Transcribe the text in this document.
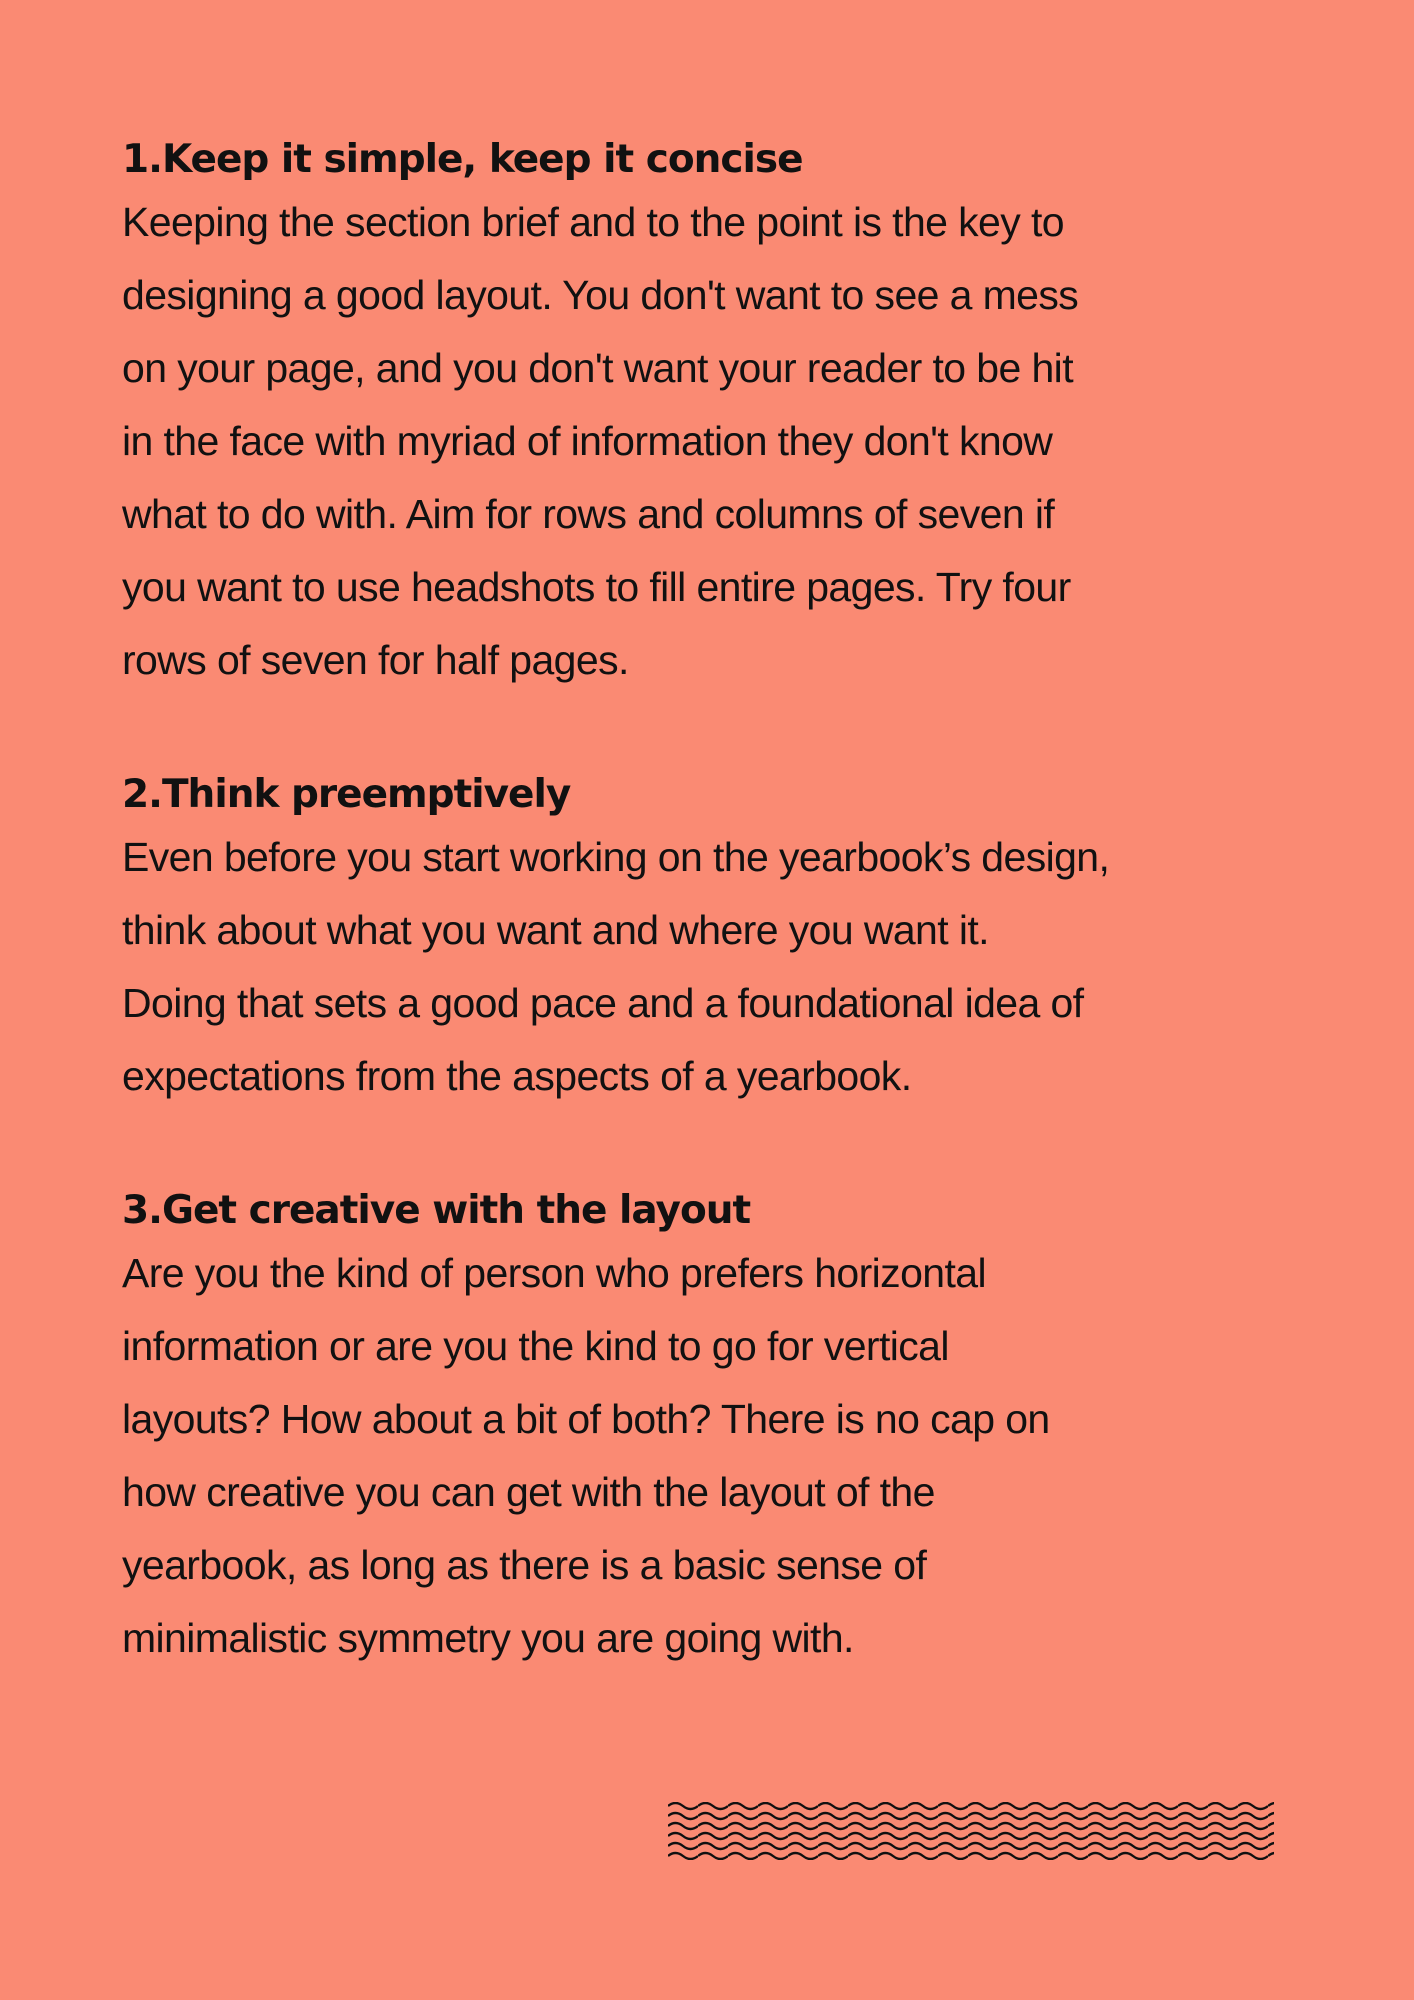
1.Keep it simple, keep it concise

Keeping the section brief and to the point is the key to
designing a good layout. You don't want to see a mess
on your page, and you don't want your reader to be hit
in the face with myriad of information they don't know
what to do with. Aim for rows and columns of seven if
you want to use headshots to fill entire pages. Try four
rows of seven for half pages.

2.Think preemptively

Even before you start working on the yearbook’s design,
think about what you want and where you want it.
Doing that sets a good pace and a foundational idea of
expectations from the aspects of a yearbook.

3.Get creative with the layout

Are you the kind of person who prefers horizontal
information or are you the kind to go for vertical
layouts? How about a bit of both? There is no cap on
how creative you can get with the layout of the
yearbook, as long as there is a basic sense of
minimalistic symmetry you are going with.
